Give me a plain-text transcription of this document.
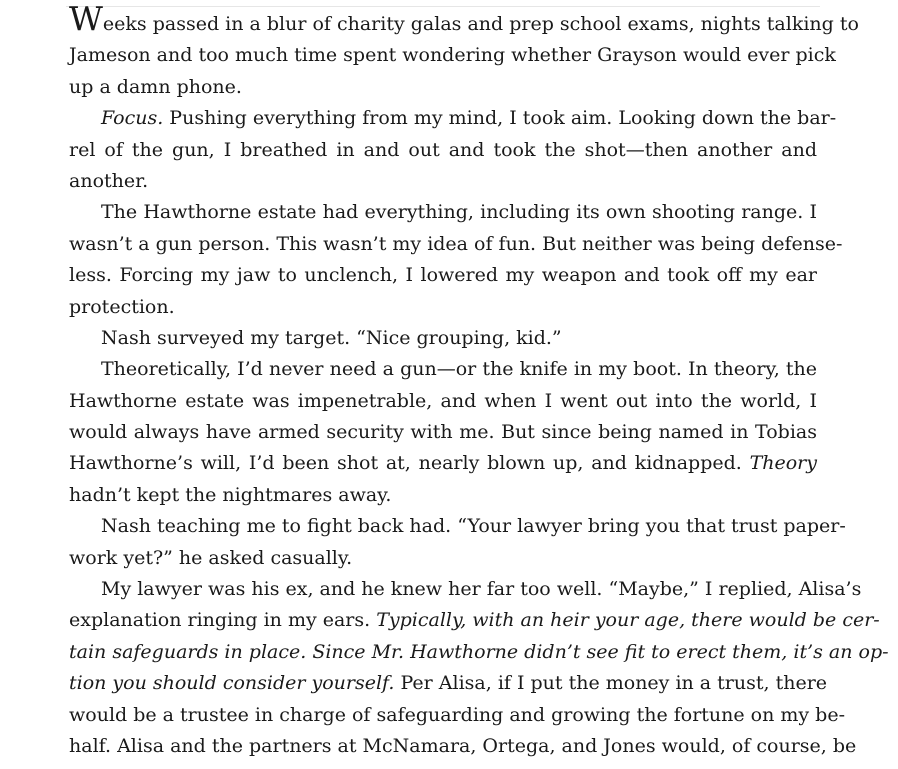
Weeks passed in a blur of charity galas and prep school exams, nights talking to
Jameson and too much time spent wondering whether Grayson would ever pick
up a damn phone.
Focus. Pushing everything from my mind, I took aim. Looking down the bar-
rel of the gun, I breathed in and out and took the shot—then another and
another.
The Hawthorne estate had everything, including its own shooting range. I
wasn’t a gun person. This wasn’t my idea of fun. But neither was being defense-
less. Forcing my jaw to unclench, I lowered my weapon and took off my ear
protection.
Nash surveyed my target. “Nice grouping, kid.”
Theoretically, I’d never need a gun—or the knife in my boot. In theory, the
Hawthorne estate was impenetrable, and when I went out into the world, I
would always have armed security with me. But since being named in Tobias
Hawthorne’s will, I’d been shot at, nearly blown up, and kidnapped. Theory
hadn’t kept the nightmares away.
Nash teaching me to fight back had. “Your lawyer bring you that trust paper-
work yet?” he asked casually.
My lawyer was his ex, and he knew her far too well. “Maybe,” I replied, Alisa’s
explanation ringing in my ears. Typically, with an heir your age, there would be cer-
tain safeguards in place. Since Mr. Hawthorne didn’t see fit to erect them, it’s an op-
tion you should consider yourself. Per Alisa, if I put the money in a trust, there
would be a trustee in charge of safeguarding and growing the fortune on my be-
half. Alisa and the partners at McNamara, Ortega, and Jones would, of course, be
